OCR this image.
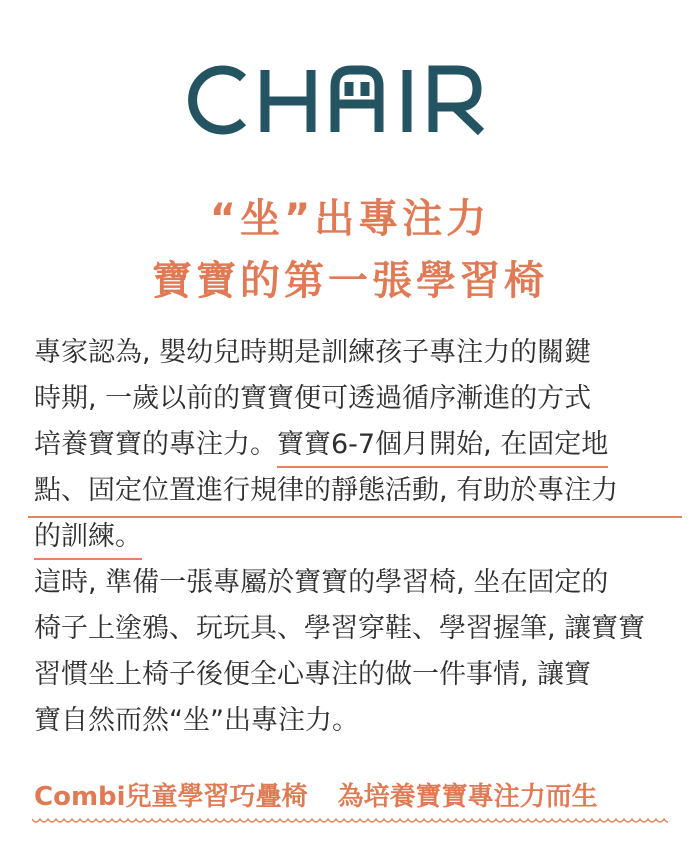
“坐”出專注力
寶寶的第一張學習椅
專家認為, 嬰幼兒時期是訓練孩子專注力的關鍵
時期, 一歲以前的寶寶便可透過循序漸進的方式
培養寶寶的專注力。寶寶6-7個月開始, 在固定地
點、固定位置進行規律的靜態活動, 有助於專注力
的訓練。
這時, 準備一張專屬於寶寶的學習椅, 坐在固定的
椅子上塗鴉、玩玩具、學習穿鞋、學習握筆, 讓寶寶
習慣坐上椅子後便全心專注的做一件事情, 讓寶
寶自然而然“坐”出專注力。
Combi兒童學習巧疊椅 為培養寶寶專注力而生
